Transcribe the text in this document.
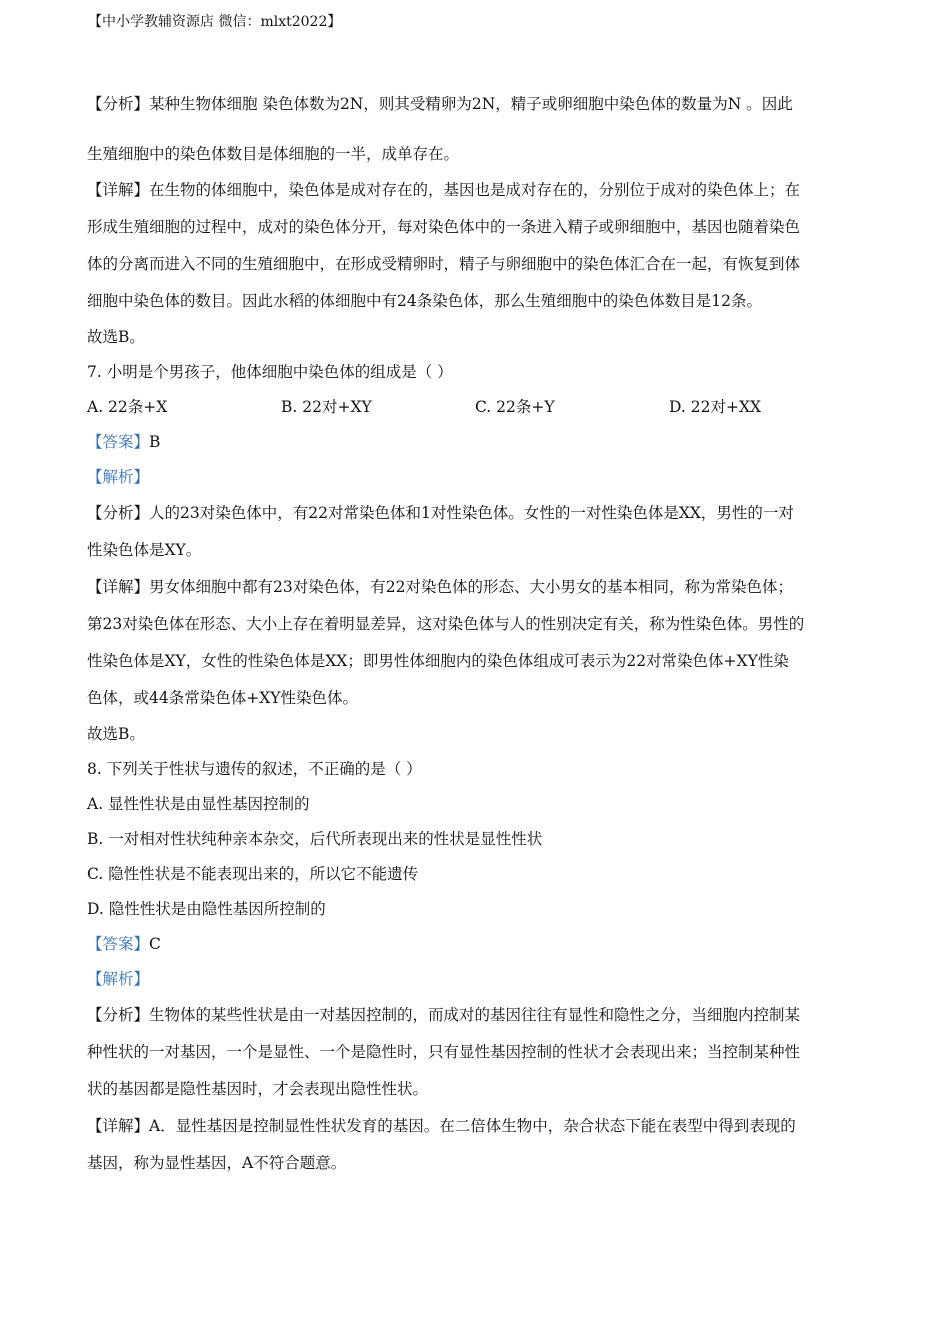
【中小学教辅资源店 微信：mlxt2022】

【分析】某种生物体细胞 染色体数为2N，则其受精卵为2N，精子或卵细胞中染色体的数量为N 。因此

生殖细胞中的染色体数目是体细胞的一半，成单存在。

【详解】在生物的体细胞中，染色体是成对存在的，基因也是成对存在的，分别位于成对的染色体上；在

形成生殖细胞的过程中，成对的染色体分开，每对染色体中的一条进入精子或卵细胞中，基因也随着染色

体的分离而进入不同的生殖细胞中，在形成受精卵时，精子与卵细胞中的染色体汇合在一起，有恢复到体

细胞中染色体的数目。因此水稻的体细胞中有24条染色体，那么生殖细胞中的染色体数目是12条。

故选B。

7. 小明是个男孩子，他体细胞中染色体的组成是（ ）

A. 22条+X	B. 22对+XY	C. 22条+Y	D. 22对+XX

【答案】B

【解析】

【分析】人的23对染色体中，有22对常染色体和1对性染色体。女性的一对性染色体是XX，男性的一对

性染色体是XY。

【详解】男女体细胞中都有23对染色体，有22对染色体的形态、大小男女的基本相同，称为常染色体；

第23对染色体在形态、大小上存在着明显差异，这对染色体与人的性别决定有关，称为性染色体。男性的

性染色体是XY，女性的性染色体是XX；即男性体细胞内的染色体组成可表示为22对常染色体+XY性染

色体，或44条常染色体+XY性染色体。

故选B。

8. 下列关于性状与遗传的叙述，不正确的是（ ）

A. 显性性状是由显性基因控制的

B. 一对相对性状纯种亲本杂交，后代所表现出来的性状是显性性状

C. 隐性性状是不能表现出来的，所以它不能遗传

D. 隐性性状是由隐性基因所控制的

【答案】C

【解析】

【分析】生物体的某些性状是由一对基因控制的，而成对的基因往往有显性和隐性之分，当细胞内控制某

种性状的一对基因，一个是显性、一个是隐性时，只有显性基因控制的性状才会表现出来；当控制某种性

状的基因都是隐性基因时，才会表现出隐性性状。

【详解】A．显性基因是控制显性性状发育的基因。在二倍体生物中，杂合状态下能在表型中得到表现的

基因，称为显性基因，A不符合题意。
